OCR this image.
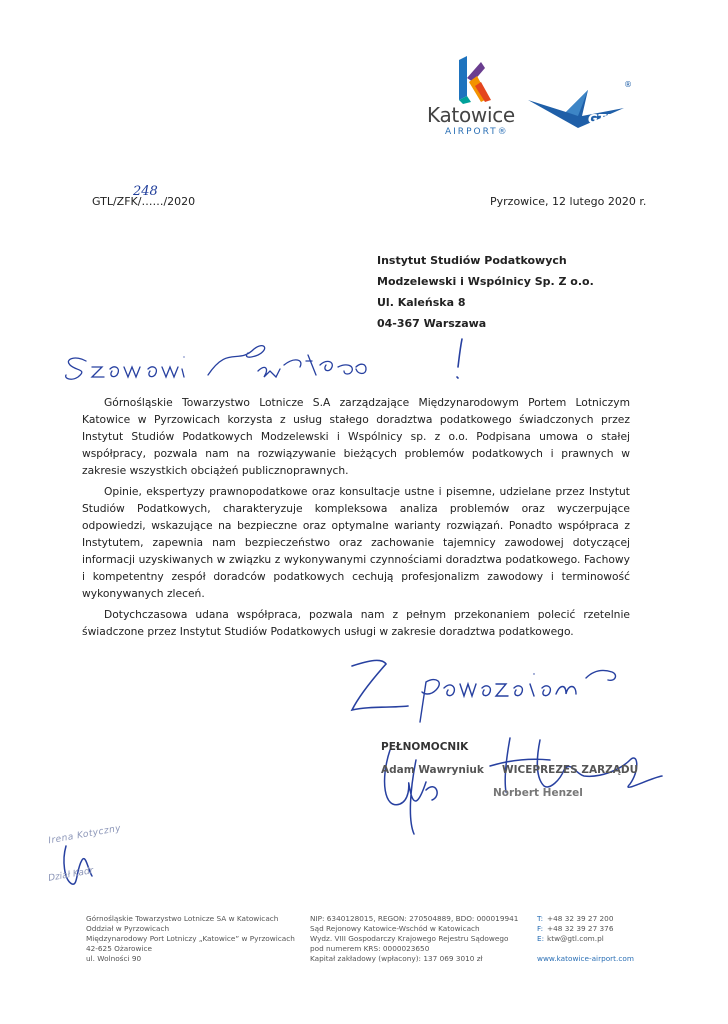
Katowice
AIRPORT®
GTL
®
GTL/ZFK/……/2020
248
Pyrzowice, 12 lutego 2020 r.
Instytut Studiów Podatkowych
Modzelewski i Wspólnicy Sp. Z o.o.
Ul. Kaleńska 8
04-367 Warszawa

Górnośląskie Towarzystwo Lotnicze S.A zarządzające Międzynarodowym Portem Lotniczym Katowice w Pyrzowicach korzysta z usług stałego doradztwa podatkowego świadczonych przez Instytut Studiów Podatkowych Modzelewski i Wspólnicy sp. z o.o. Podpisana umowa o stałej współpracy, pozwala nam na rozwiązywanie bieżących problemów podatkowych i prawnych w zakresie wszystkich obciążeń publicznoprawnych.

Opinie, ekspertyzy prawnopodatkowe oraz konsultacje ustne i pisemne, udzielane przez Instytut Studiów Podatkowych, charakteryzuje kompleksowa analiza problemów oraz wyczerpujące odpowiedzi, wskazujące na bezpieczne oraz optymalne warianty rozwiązań. Ponadto współpraca z Instytutem, zapewnia nam bezpieczeństwo oraz zachowanie tajemnicy zawodowej dotyczącej informacji uzyskiwanych w związku z wykonywanymi czynnościami doradztwa podatkowego. Fachowy i kompetentny zespół doradców podatkowych cechują profesjonalizm zawodowy i terminowość wykonywanych zleceń.

Dotychczasowa udana współpraca, pozwala nam z pełnym przekonaniem polecić rzetelnie świadczone przez Instytut Studiów Podatkowych usługi w zakresie doradztwa podatkowego.

PEŁNOMOCNIK
Adam Wawryniuk WICEPREZES ZARZĄDU
Norbert Henzel
Irena Kotyczny
Dział Kadr
Górnośląskie Towarzystwo Lotnicze SA w Katowicach
Oddział w Pyrzowicach
Międzynarodowy Port Lotniczy „Katowice” w Pyrzowicach
42-625 Ożarowice
ul. Wolności 90
NIP: 6340128015, REGON: 270504889, BDO: 000019941
Sąd Rejonowy Katowice-Wschód w Katowicach
Wydz. VIII Gospodarczy Krajowego Rejestru Sądowego
pod numerem KRS: 0000023650
Kapitał zakładowy (wpłacony): 137 069 3010 zł
T: +48 32 39 27 200
F: +48 32 39 27 376
E: ktw@gtl.com.pl
www.katowice-airport.com
